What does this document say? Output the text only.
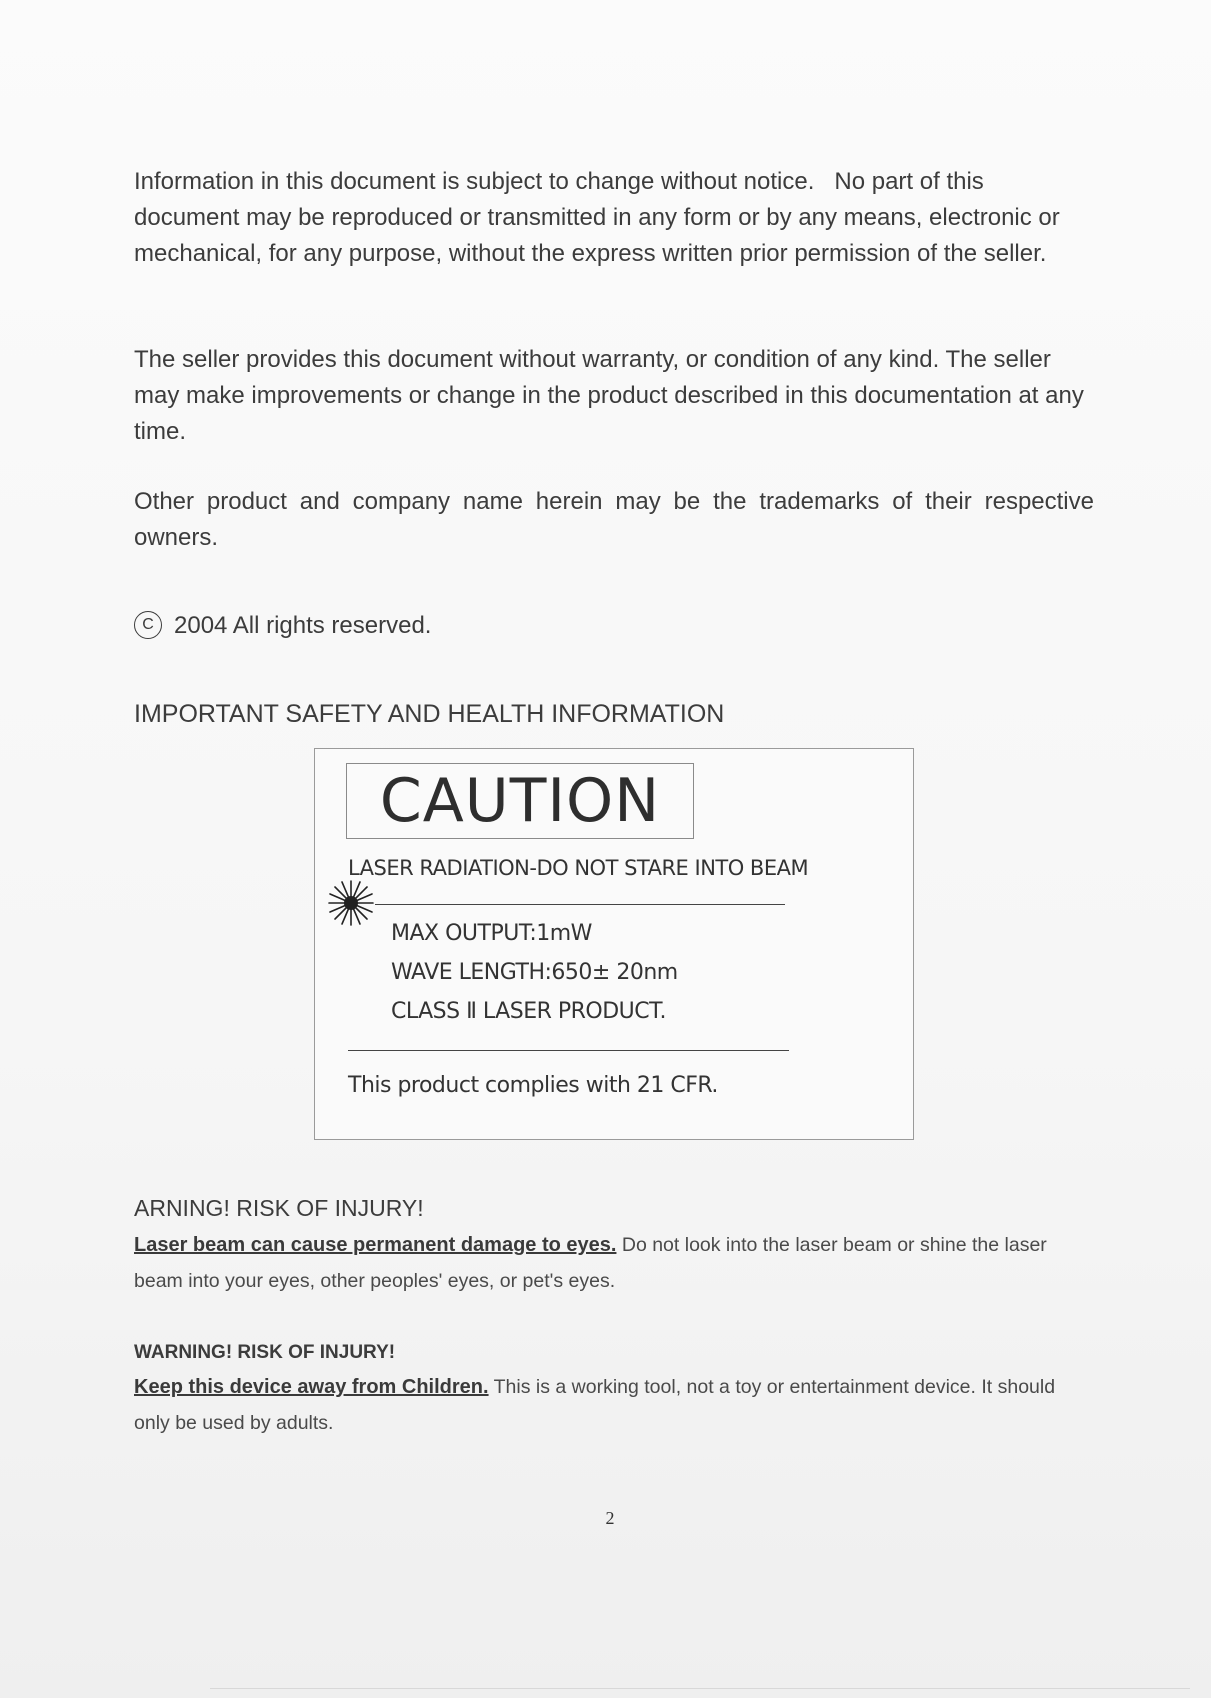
Information in this document is subject to change without notice.   No part of this document may be reproduced or transmitted in any form or by any means, electronic or mechanical, for any purpose, without the express written prior permission of the seller.

The seller provides this document without warranty, or condition of any kind. The seller may make improvements or change in the product described in this documentation at any time.

Other product and company name herein may be the trademarks of their respective owners.

C 2004 All rights reserved.
IMPORTANT SAFETY AND HEALTH INFORMATION
CAUTION
LASER RADIATION-DO NOT STARE INTO BEAM
MAX OUTPUT:1mW
WAVE LENGTH:650± 20nm
CLASS Ⅱ LASER PRODUCT.
This product complies with 21 CFR.
ARNING! RISK OF INJURY!

Laser beam can cause permanent damage to eyes. Do not look into the laser beam or shine the laser beam into your eyes, other peoples' eyes, or pet's eyes.

WARNING! RISK OF INJURY!

Keep this device away from Children. This is a working tool, not a toy or entertainment device. It should only be used by adults.

2
